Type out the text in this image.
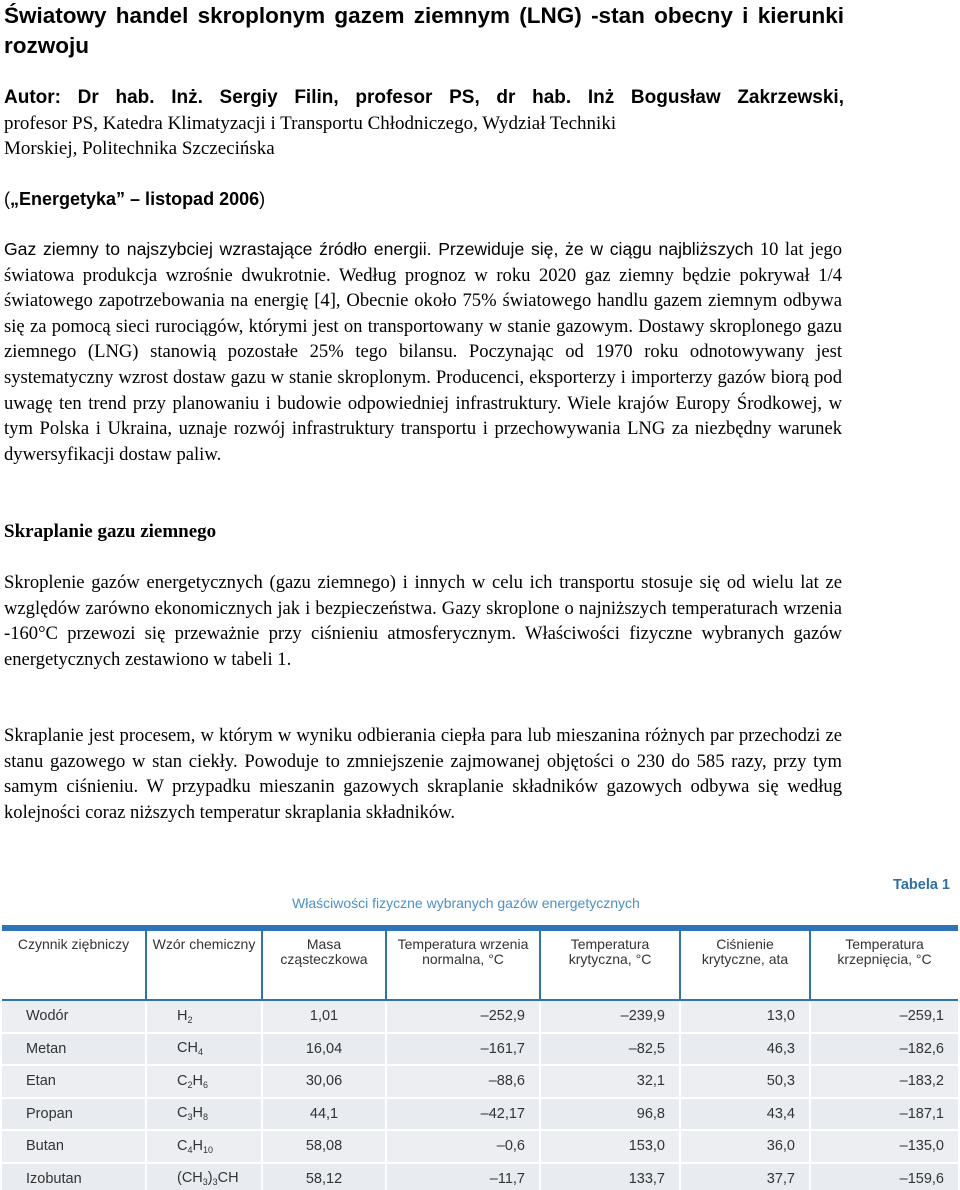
Światowy handel skroplonym gazem ziemnym (LNG) -stan obecny i kierunki rozwoju
Autor: Dr hab. Inż. Sergiy Filin, profesor PS, dr hab. Inż Bogusław Zakrzewski,
profesor PS, Katedra Klimatyzacji i Transportu Chłodniczego, Wydział Techniki
Morskiej, Politechnika Szczecińska
(„Energetyka” – listopad 2006)
Gaz ziemny to najszybciej wzrastające źródło energii. Przewiduje się, że w ciągu najbliższych 10 lat jego światowa produkcja wzrośnie dwukrotnie. Według prognoz w roku 2020 gaz ziemny będzie pokrywał 1/4 światowego zapotrzebowania na energię [4], Obecnie około 75% światowego handlu gazem ziemnym odbywa się za pomocą sieci rurociągów, którymi jest on transportowany w stanie gazowym. Dostawy skroplonego gazu ziemnego (LNG) stanowią pozostałe 25% tego bilansu. Poczynając od 1970 roku odnotowywany jest systematyczny wzrost dostaw gazu w stanie skroplonym. Producenci, eksporterzy i importerzy gazów biorą pod uwagę ten trend przy planowaniu i budowie odpowiedniej infrastruktury. Wiele krajów Europy Środkowej, w tym Polska i Ukraina, uznaje rozwój infrastruktury transportu i przechowywania LNG za niezbędny warunek dywersyfikacji dostaw paliw.
Skraplanie gazu ziemnego

Skroplenie gazów energetycznych (gazu ziemnego) i innych w celu ich transportu stosuje się od wielu lat ze względów zarówno ekonomicznych jak i bezpieczeństwa. Gazy skroplone o najniższych temperaturach wrzenia -160°C przewozi się przeważnie przy ciśnieniu atmosferycznym. Właściwości fizyczne wybranych gazów energetycznych zestawiono w tabeli 1.

Skraplanie jest procesem, w którym w wyniku odbierania ciepła para lub mieszanina różnych par przechodzi ze stanu gazowego w stan ciekły. Powoduje to zmniejszenie zajmowanej objętości o 230 do 585 razy, przy tym samym ciśnieniu. W przypadku mieszanin gazowych skraplanie składników gazowych odbywa się według kolejności coraz niższych temperatur skraplania składników.

Tabela 1
Właściwości fizyczne wybranych gazów energetycznych
Czynnik ziębniczy	Wzór chemiczny	Masa cząsteczkowa	Temperatura wrzenia normalna, °C	Temperatura krytyczna, °C	Ciśnienie krytyczne, ata	Temperatura krzepnięcia, °C
Wodór	$H_2$	1,01	–252,9	–239,9	13,0	–259,1
Metan	$CH_4$	16,04	–161,7	–82,5	46,3	–182,6
Etan	$C_2H_6$	30,06	–88,6	32,1	50,3	–183,2
Propan	$C_3H_8$	44,1	–42,17	96,8	43,4	–187,1
Butan	$C_4H_{10}$	58,08	–0,6	153,0	36,0	–135,0
Izobutan	$(CH_3)_3CH$	58,12	–11,7	133,7	37,7	–159,6
